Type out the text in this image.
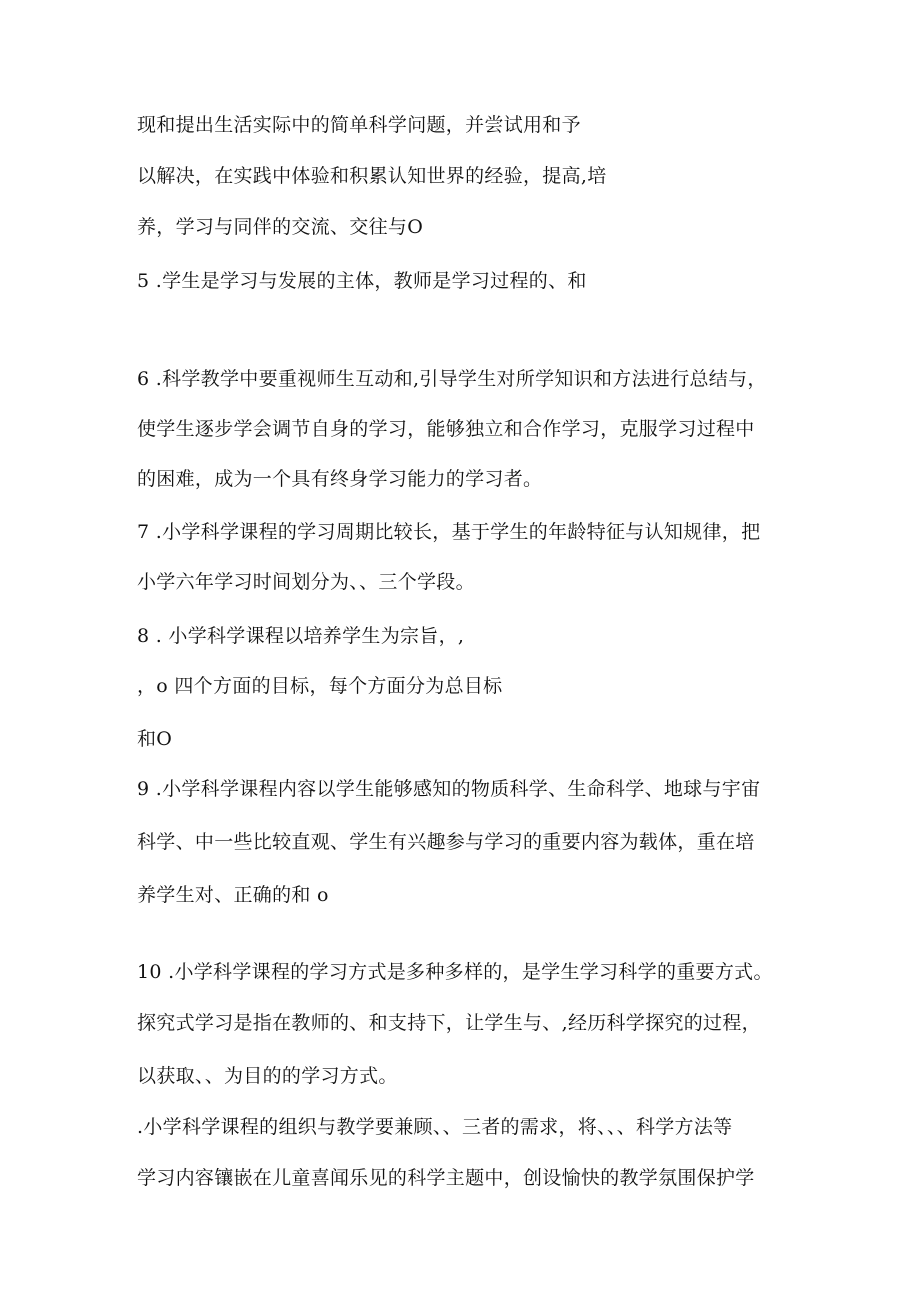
现和提出生活实际中的简单科学问题，并尝试用和予
以解决，在实践中体验和积累认知世界的经验，提高,培
养，学习与同伴的交流、交往与O
5 .学生是学习与发展的主体，教师是学习过程的、和
6 .科学教学中要重视师生互动和,引导学生对所学知识和方法进行总结与，
使学生逐步学会调节自身的学习，能够独立和合作学习，克服学习过程中
的困难，成为一个具有终身学习能力的学习者。
7 .小学科学课程的学习周期比较长，基于学生的年龄特征与认知规律，把
小学六年学习时间划分为、、三个学段。
8 . 小学科学课程以培养学生为宗旨，,
，o 四个方面的目标，每个方面分为总目标
和O
9 .小学科学课程内容以学生能够感知的物质科学、生命科学、地球与宇宙
科学、中一些比较直观、学生有兴趣参与学习的重要内容为载体，重在培
养学生对、正确的和 o
10 .小学科学课程的学习方式是多种多样的，是学生学习科学的重要方式。
探究式学习是指在教师的、和支持下，让学生与、,经历科学探究的过程，
以获取、、为目的的学习方式。
.小学科学课程的组织与教学要兼顾、、三者的需求，将、、、科学方法等
学习内容镶嵌在儿童喜闻乐见的科学主题中，创设愉快的教学氛围保护学
